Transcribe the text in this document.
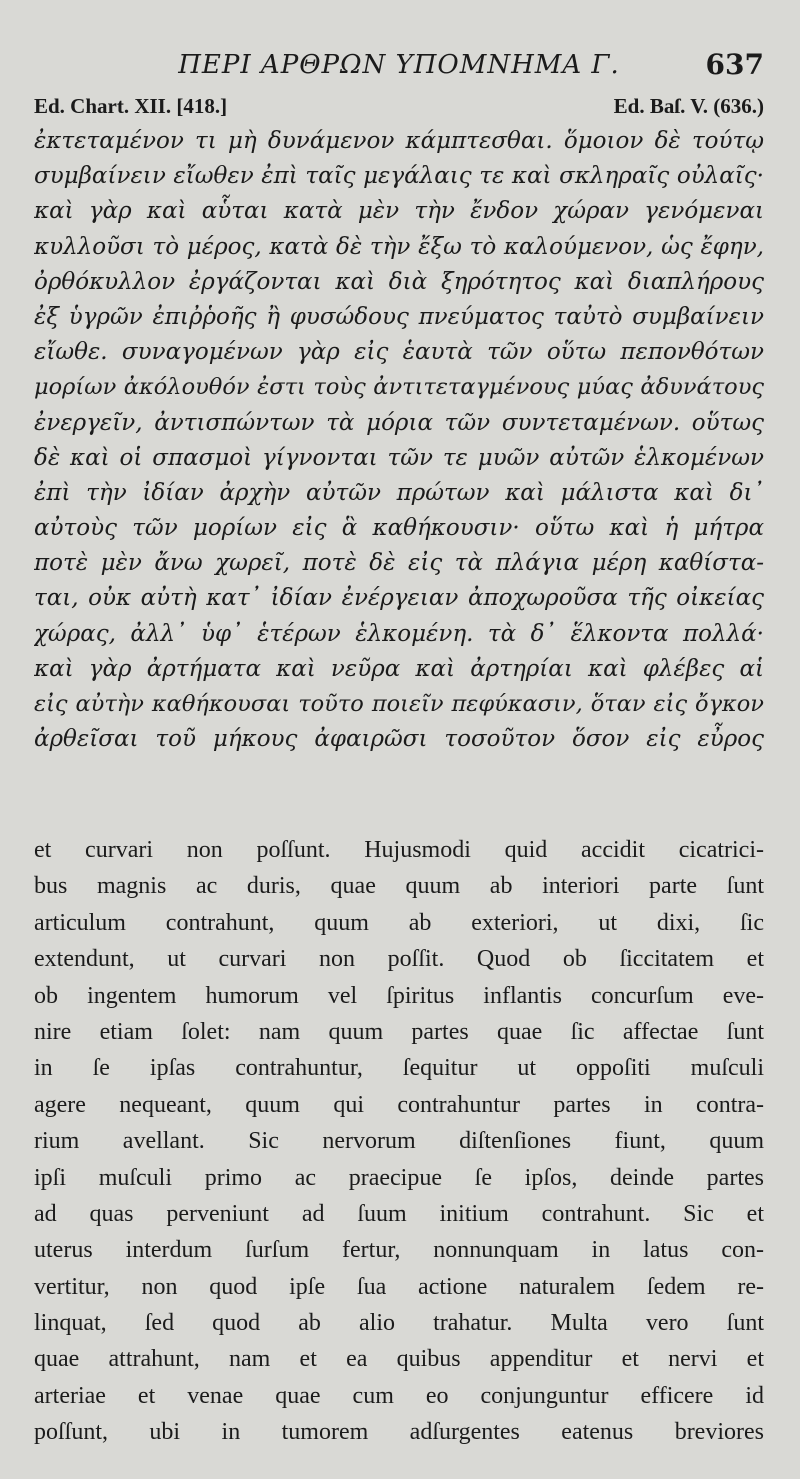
ΠΕΡΙ ΑΡΘΡΩΝ ΥΠΟΜΝΗΜΑ Γ.	637
Ed. Chart. XII. [418.]	Ed. Baſ. V. (636.)
ἐκτεταμένον τι μὴ δυνάμενον κάμπτεσθαι. ὅμοιον δὲ τούτῳ
συμβαίνειν εἴωθεν ἐπὶ ταῖς μεγάλαις τε καὶ σκληραῖς οὐλαῖς·
καὶ γὰρ καὶ αὗται κατὰ μὲν τὴν ἔνδον χώραν γενόμεναι
κυλλοῦσι τὸ μέρος, κατὰ δὲ τὴν ἔξω τὸ καλούμενον, ὡς ἔφην,
ὀρθόκυλλον ἐργάζονται καὶ διὰ ξηρότητος καὶ διαπλήρους
ἐξ ὑγρῶν ἐπιῤῥοῆς ἢ φυσώδους πνεύματος ταὐτὸ συμβαίνειν
εἴωθε. συναγομένων γὰρ εἰς ἑαυτὰ τῶν οὕτω πεπονθότων
μορίων ἀκόλουθόν ἐστι τοὺς ἀντιτεταγμένους μύας ἀδυνάτους
ἐνεργεῖν, ἀντισπώντων τὰ μόρια τῶν συντεταμένων. οὕτως
δὲ καὶ οἱ σπασμοὶ γίγνονται τῶν τε μυῶν αὐτῶν ἑλκομένων
ἐπὶ τὴν ἰδίαν ἀρχὴν αὐτῶν πρώτων καὶ μάλιστα καὶ δι᾽
αὐτοὺς τῶν μορίων εἰς ἃ καθήκουσιν· οὕτω καὶ ἡ μήτρα
ποτὲ μὲν ἄνω χωρεῖ, ποτὲ δὲ εἰς τὰ πλάγια μέρη καθίστα-
ται, οὐκ αὐτὴ κατ᾽ ἰδίαν ἐνέργειαν ἀποχωροῦσα τῆς οἰκείας
χώρας, ἀλλ᾽ ὑφ᾽ ἑτέρων ἑλκομένη. τὰ δ᾽ ἕλκοντα πολλά·
καὶ γὰρ ἀρτήματα καὶ νεῦρα καὶ ἀρτηρίαι καὶ φλέβες αἱ
εἰς αὐτὴν καθήκουσαι τοῦτο ποιεῖν πεφύκασιν, ὅταν εἰς ὄγκον
ἀρθεῖσαι τοῦ μήκους ἀφαιρῶσι τοσοῦτον ὅσον εἰς εὖρος
et curvari non poſſunt. Hujusmodi quid accidit cicatrici-
bus magnis ac duris, quae quum ab interiori parte ſunt
articulum contrahunt, quum ab exteriori, ut dixi, ſic
extendunt, ut curvari non poſſit. Quod ob ſiccitatem et
ob ingentem humorum vel ſpiritus inflantis concurſum eve-
nire etiam ſolet: nam quum partes quae ſic affectae ſunt
in ſe ipſas contrahuntur, ſequitur ut oppoſiti muſculi
agere nequeant, quum qui contrahuntur partes in contra-
rium avellant. Sic nervorum diſtenſiones fiunt, quum
ipſi muſculi primo ac praecipue ſe ipſos, deinde partes
ad quas perveniunt ad ſuum initium contrahunt. Sic et
uterus interdum ſurſum fertur, nonnunquam in latus con-
vertitur, non quod ipſe ſua actione naturalem ſedem re-
linquat, ſed quod ab alio trahatur. Multa vero ſunt
quae attrahunt, nam et ea quibus appenditur et nervi et
arteriae et venae quae cum eo conjunguntur efficere id
poſſunt, ubi in tumorem adſurgentes eatenus breviores
